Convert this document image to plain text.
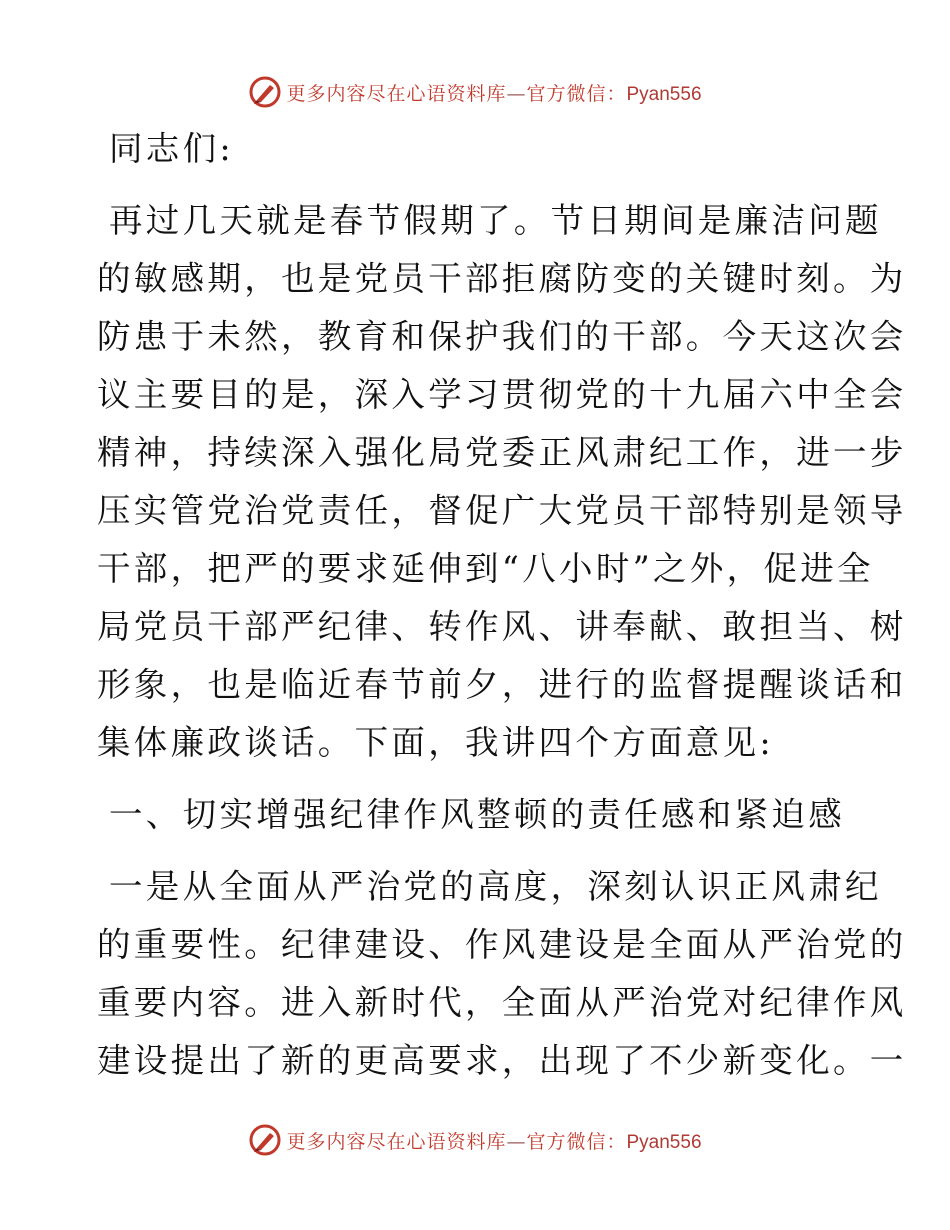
更多内容尽在心语资料库—官方微信：Pyan556
同志们:
再过几天就是春节假期了。节日期间是廉洁问题
的敏感期，也是党员干部拒腐防变的关键时刻。为
防患于未然，教育和保护我们的干部。今天这次会
议主要目的是，深入学习贯彻党的十九届六中全会
精神，持续深入强化局党委正风肃纪工作，进一步
压实管党治党责任，督促广大党员干部特别是领导
干部，把严的要求延伸到“八小时”之外，促进全
局党员干部严纪律、转作风、讲奉献、敢担当、树
形象，也是临近春节前夕，进行的监督提醒谈话和
集体廉政谈话。下面，我讲四个方面意见:
一、切实增强纪律作风整顿的责任感和紧迫感
一是从全面从严治党的高度，深刻认识正风肃纪
的重要性。纪律建设、作风建设是全面从严治党的
重要内容。进入新时代，全面从严治党对纪律作风
建设提出了新的更高要求，出现了不少新变化。一
更多内容尽在心语资料库—官方微信：Pyan556
